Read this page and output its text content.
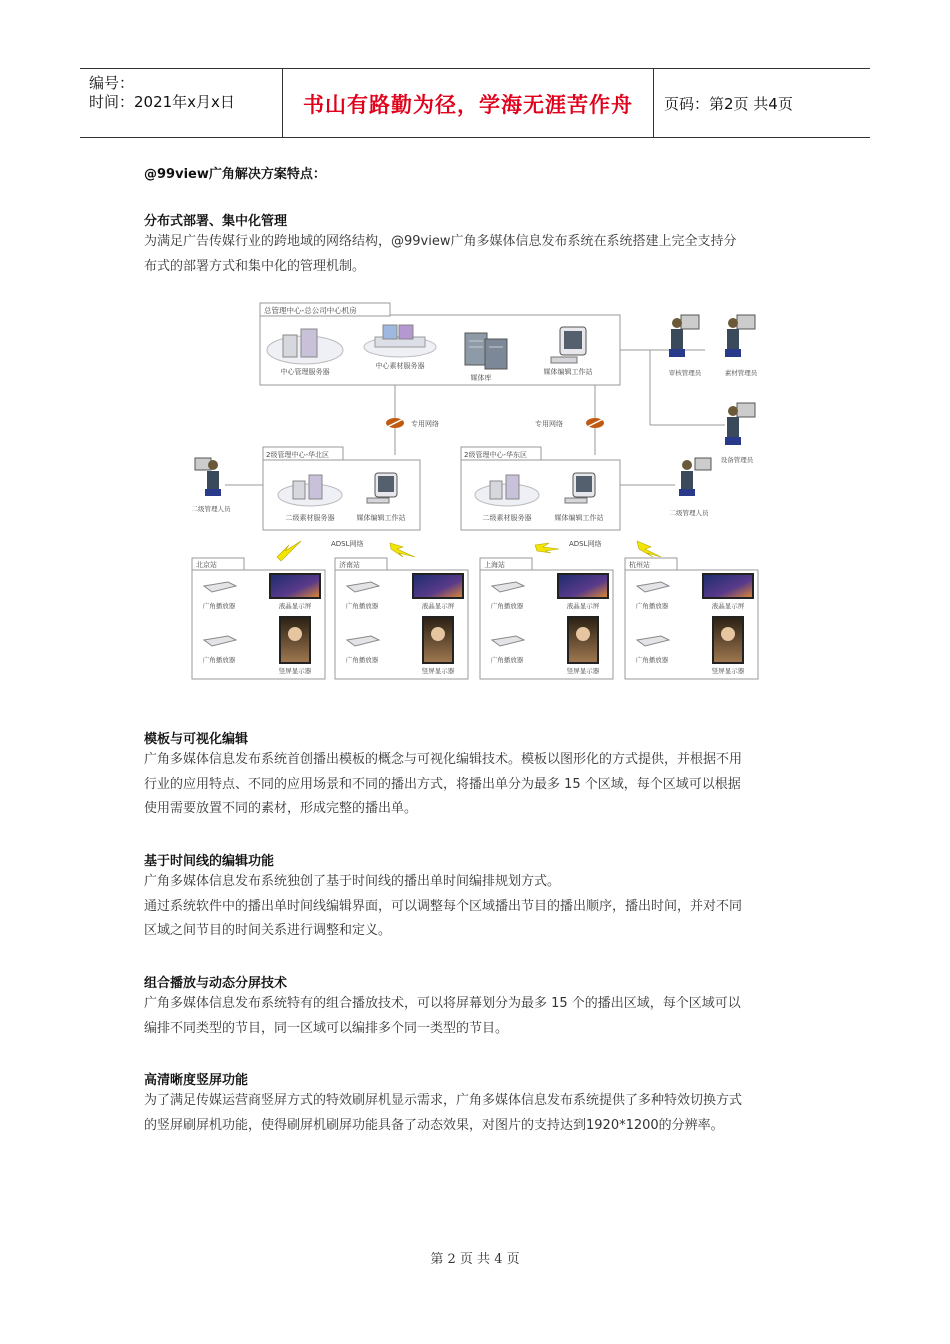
编号：
时间：2021年x月x日	书山有路勤为径，学海无涯苦作舟	页码：第2页 共4页
@99view广角解决方案特点：
分布式部署、集中化管理
为满足广告传媒行业的跨地域的网络结构，@99view广角多媒体信息发布系统在系统搭建上完全支持分
布式的部署方式和集中化的管理机制。
总管理中心-总公司中心机房
中心管理服务器
中心素材服务器
媒体库
媒体编辑工作站	审核管理员	素材管理员
设备管理员
专用网络	专用网络
2级管理中心-华北区
二级素材服务器	媒体编辑工作站
2级管理中心-华东区
二级素材服务器	媒体编辑工作站
二级管理人员	二级管理人员
ADSL网络	ADSL网络
北京站
广角播放器	液晶显示屏
广角播放器
竖屏显示器
济南站
广角播放器	液晶显示屏
广角播放器
竖屏显示器
上海站
广角播放器	液晶显示屏
广角播放器
竖屏显示器
杭州站
广角播放器	液晶显示屏
广角播放器
竖屏显示器
模板与可视化编辑
广角多媒体信息发布系统首创播出模板的概念与可视化编辑技术。模板以图形化的方式提供，并根据不用
行业的应用特点、不同的应用场景和不同的播出方式，将播出单分为最多 15 个区域，每个区域可以根据
使用需要放置不同的素材，形成完整的播出单。
基于时间线的编辑功能
广角多媒体信息发布系统独创了基于时间线的播出单时间编排规划方式。
通过系统软件中的播出单时间线编辑界面，可以调整每个区域播出节目的播出顺序，播出时间，并对不同
区域之间节目的时间关系进行调整和定义。
组合播放与动态分屏技术
广角多媒体信息发布系统特有的组合播放技术，可以将屏幕划分为最多 15 个的播出区域，每个区域可以
编排不同类型的节目，同一区域可以编排多个同一类型的节目。
高清晰度竖屏功能
为了满足传媒运营商竖屏方式的特效刷屏机显示需求，广角多媒体信息发布系统提供了多种特效切换方式
的竖屏刷屏机功能，使得刷屏机刷屏功能具备了动态效果，对图片的支持达到1920*1200的分辨率。
第 2 页 共 4 页
